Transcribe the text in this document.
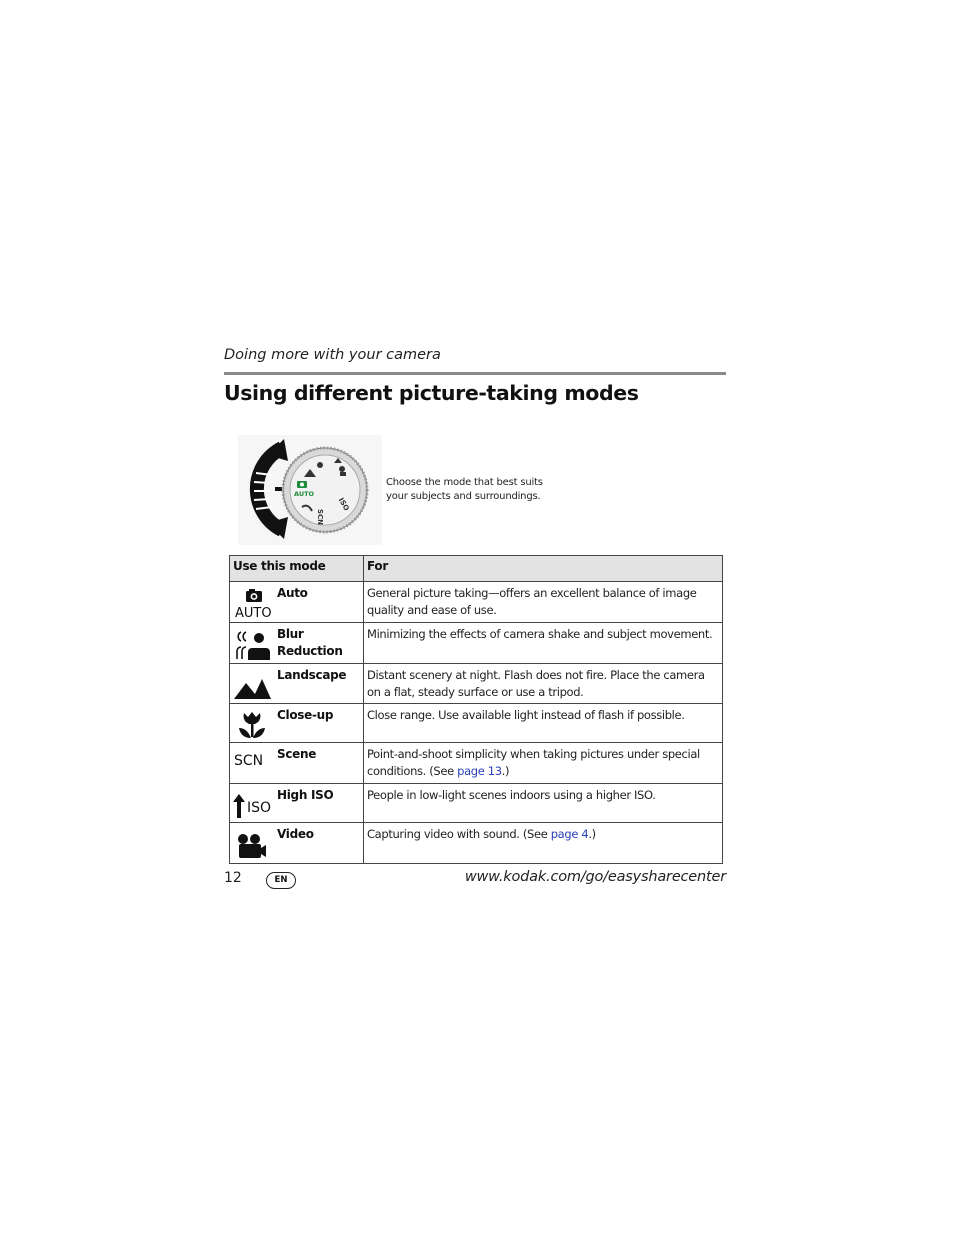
Doing more with your camera
Using different picture-taking modes
AUTO
ISO
SCN
Choose the mode that best suits your subjects and surroundings.
Use this mode	For

AUTO
Auto	General picture taking—offers an excellent balance of image quality and ease of use.

Blur Reduction	Minimizing the effects of camera shake and subject movement.

Landscape	Distant scenery at night. Flash does not fire. Place the camera on a flat, steady surface or use a tripod.

Close-up	Close range. Use available light instead of flash if possible.

SCN Scene	Point-and-shoot simplicity when taking pictures under special conditions. (See page 13.)

ISO
High ISO	People in low-light scenes indoors using a higher ISO.

Video	Capturing video with sound. (See page 4.)
12	EN	www.kodak.com/go/easysharecenter
